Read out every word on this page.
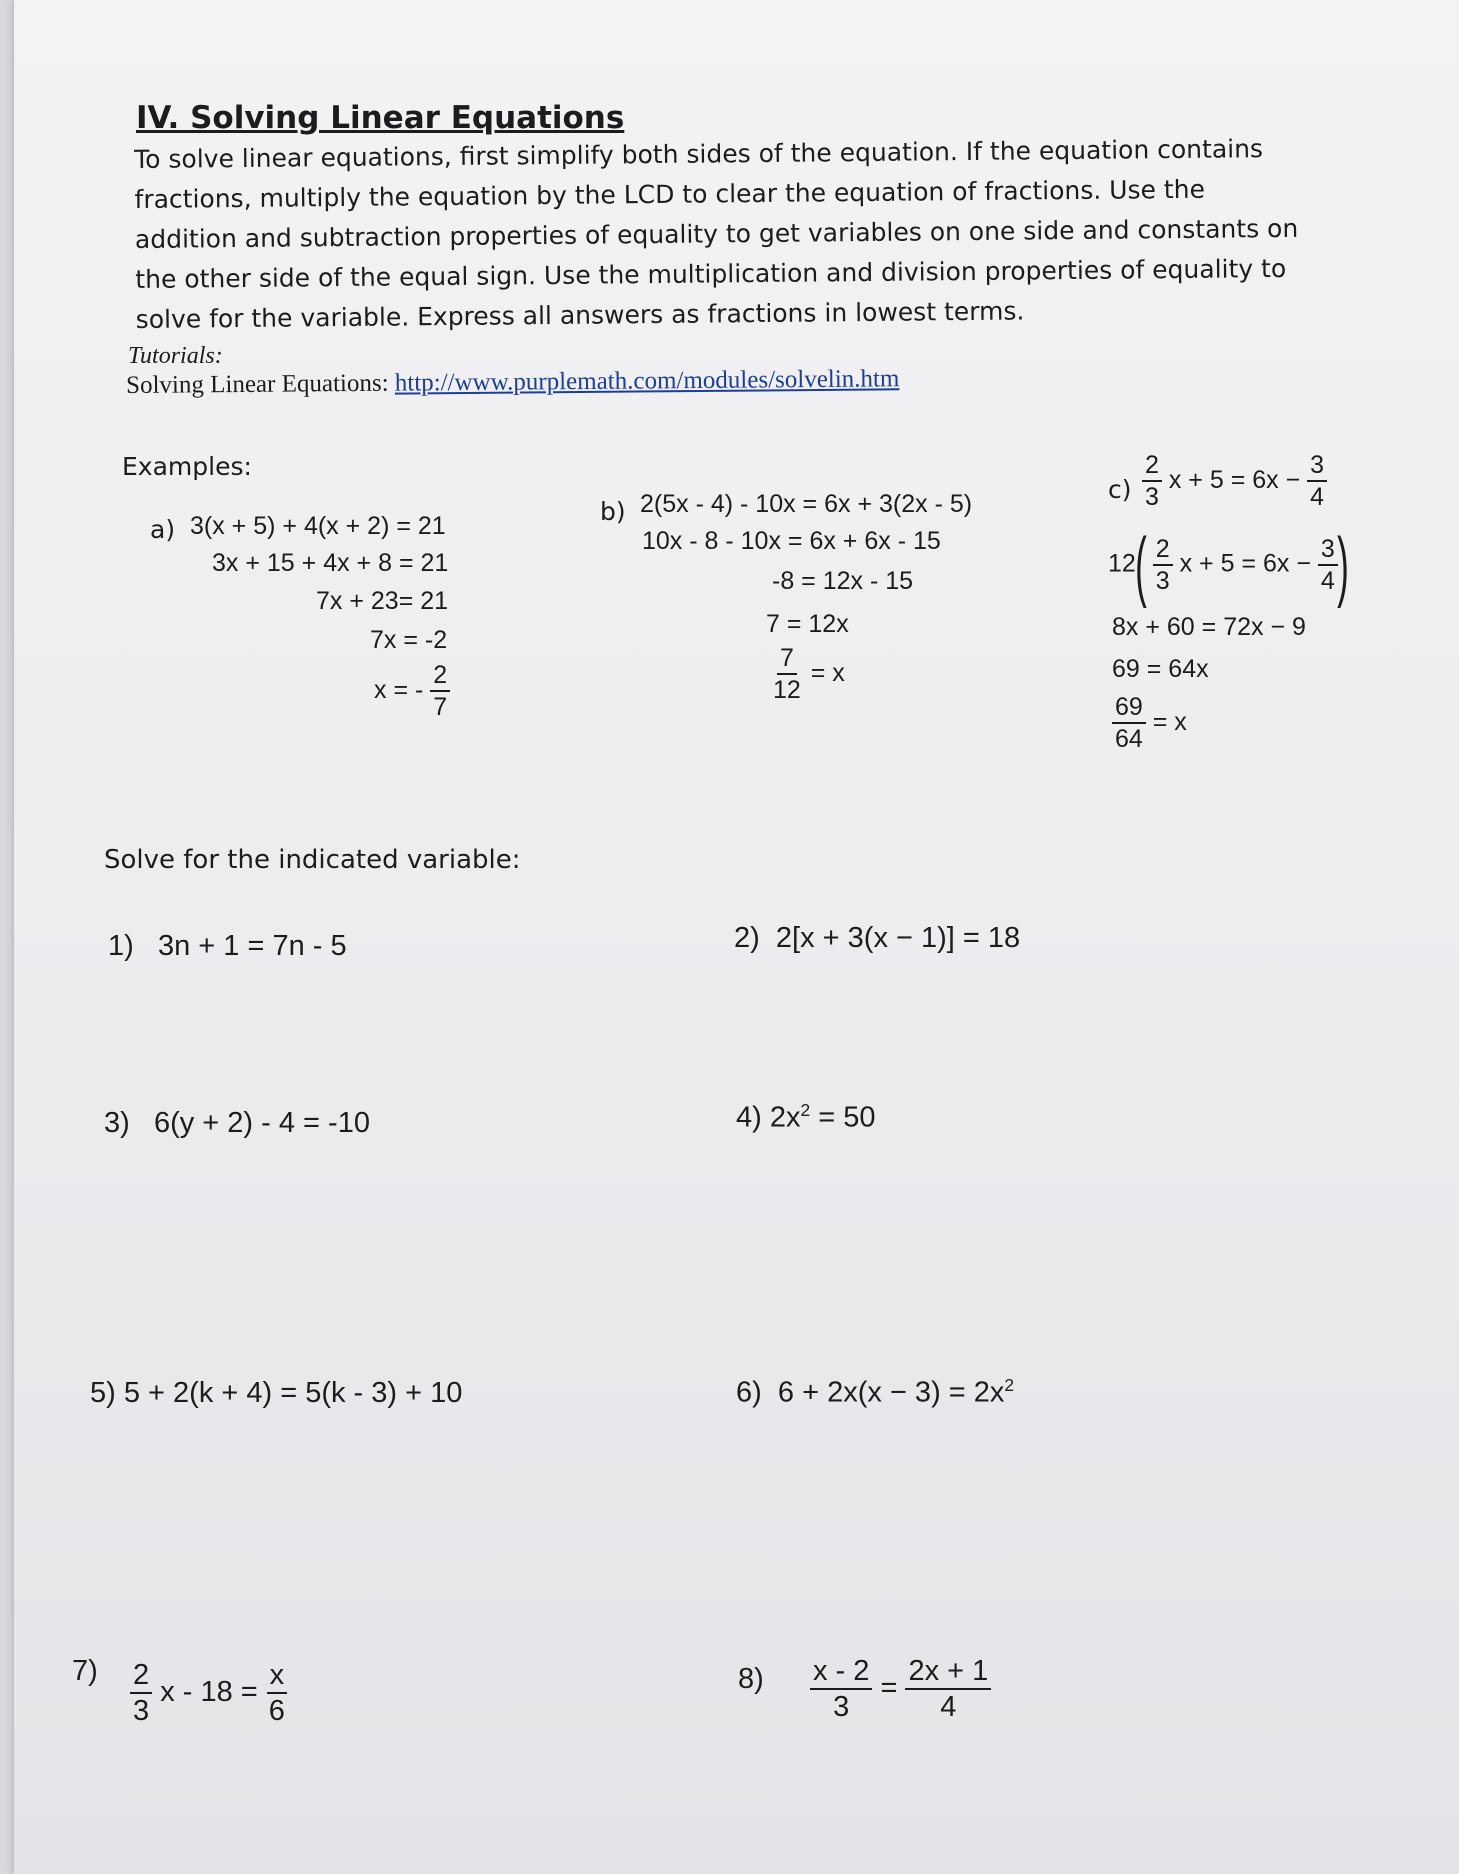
IV. Solving Linear Equations
To solve linear equations, first simplify both sides of the equation. If the equation contains
fractions, multiply the equation by the LCD to clear the equation of fractions. Use the
addition and subtraction properties of equality to get variables on one side and constants on
the other side of the equal sign. Use the multiplication and division properties of equality to
solve for the variable. Express all answers as fractions in lowest terms.
Tutorials:
Solving Linear Equations: http://www.purplemath.com/modules/solvelin.htm
Examples:
a) 3(x + 5) + 4(x + 2) = 21
3x + 15 + 4x + 8 = 21
7x + 23= 21
7x = -2
x = - $\frac{2}{7}$
b) 2(5x - 4) - 10x = 6x + 3(2x - 5)
10x - 8 - 10x = 6x + 6x - 15
-8 = 12x - 15
7 = 12x
$\frac{7}{12} = x$
$c) \frac{2}{3}$ $x + 5 = 6x - \frac{3}{4}$
$12( \frac{2}{3}$ $x + 5 = 6x - \frac{3}{4}$ )
8x + 60 = 72x − 9
69 = 64x
$\frac{69}{64} = x$
Solve for the indicated variable:
1) 3n + 1 = 7n - 5	2) 2[x + 3(x − 1)] = 18
3) 6(y + 2) - 4 = -10	4) $2x^2 = 50$
5) 5 + 2(k + 4) = 5(k - 3) + 10	6) $6 + 2x(x - 3) = 2x^2$
$7) \frac{2}{3}$ $x - 18 = \frac{x}{6}$	$8) \frac{x - 2}{3} = \frac{2x + 1}{4}$
